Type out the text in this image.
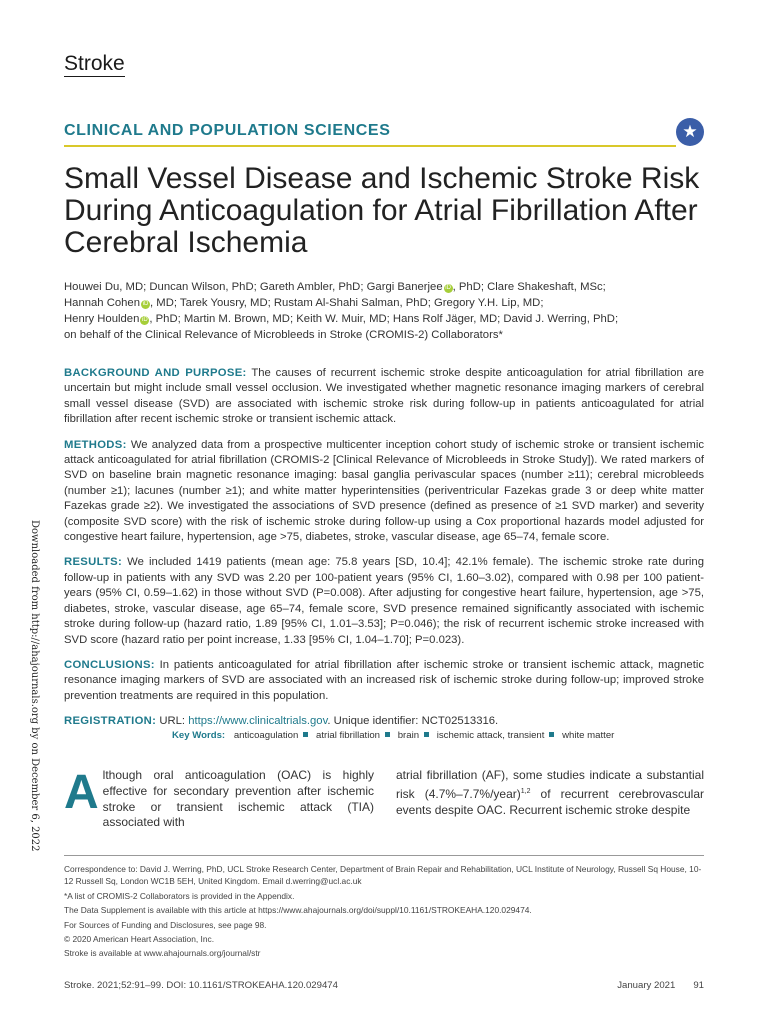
Stroke
CLINICAL AND POPULATION SCIENCES	★
Small Vessel Disease and Ischemic Stroke Risk During Anticoagulation for Atrial Fibrillation After Cerebral Ischemia
Houwei Du, MD; Duncan Wilson, PhD; Gareth Ambler, PhD; Gargi Banerjee iD , PhD; Clare Shakeshaft, MSc;
Hannah Cohen iD , MD; Tarek Yousry, MD; Rustam Al-Shahi Salman, PhD; Gregory Y.H. Lip, MD;
Henry Houlden iD , PhD; Martin M. Brown, MD; Keith W. Muir, MD; Hans Rolf Jäger, MD; David J. Werring, PhD;
on behalf of the Clinical Relevance of Microbleeds in Stroke (CROMIS-2) Collaborators*

BACKGROUND AND PURPOSE: The causes of recurrent ischemic stroke despite anticoagulation for atrial fibrillation are uncertain but might include small vessel occlusion. We investigated whether magnetic resonance imaging markers of cerebral small vessel disease (SVD) are associated with ischemic stroke risk during follow-up in patients anticoagulated for atrial fibrillation after recent ischemic stroke or transient ischemic attack.

METHODS: We analyzed data from a prospective multicenter inception cohort study of ischemic stroke or transient ischemic attack anticoagulated for atrial fibrillation (CROMIS-2 [Clinical Relevance of Microbleeds in Stroke Study]). We rated markers of SVD on baseline brain magnetic resonance imaging: basal ganglia perivascular spaces (number ≥11); cerebral microbleeds (number ≥1); lacunes (number ≥1); and white matter hyperintensities (periventricular Fazekas grade 3 or deep white matter Fazekas grade ≥2). We investigated the associations of SVD presence (defined as presence of ≥1 SVD marker) and severity (composite SVD score) with the risk of ischemic stroke during follow-up using a Cox proportional hazards model adjusted for congestive heart failure, hypertension, age >75, diabetes, stroke, vascular disease, age 65–74, female score.

RESULTS: We included 1419 patients (mean age: 75.8 years [SD, 10.4]; 42.1% female). The ischemic stroke rate during follow-up in patients with any SVD was 2.20 per 100-patient years (95% CI, 1.60–3.02), compared with 0.98 per 100 patient-years (95% CI, 0.59–1.62) in those without SVD (P=0.008). After adjusting for congestive heart failure, hypertension, age >75, diabetes, stroke, vascular disease, age 65–74, female score, SVD presence remained significantly associated with ischemic stroke during follow-up (hazard ratio, 1.89 [95% CI, 1.01–3.53]; P=0.046); the risk of recurrent ischemic stroke increased with SVD score (hazard ratio per point increase, 1.33 [95% CI, 1.04–1.70]; P=0.023).

CONCLUSIONS: In patients anticoagulated for atrial fibrillation after ischemic stroke or transient ischemic attack, magnetic resonance imaging markers of SVD are associated with an increased risk of ischemic stroke during follow-up; improved stroke prevention treatments are required in this population.

REGISTRATION: URL: https://www.clinicaltrials.gov. Unique identifier: NCT02513316.

Key Words: anticoagulation atrial fibrillation brain ischemic attack, transient white matter
Although oral anticoagulation (OAC) is highly effective for secondary prevention after ischemic stroke or transient ischemic attack (TIA) associated with
atrial fibrillation (AF), some studies indicate a substantial risk (4.7%–7.7%/year)$^{1,2}$ of recurrent cerebrovascular events despite OAC. Recurrent ischemic stroke despite
Correspondence to: David J. Werring, PhD, UCL Stroke Research Center, Department of Brain Repair and Rehabilitation, UCL Institute of Neurology, Russell Sq House, 10-12 Russell Sq, London WC1B 5EH, United Kingdom. Email d.werring@ucl.ac.uk
*A list of CROMIS-2 Collaborators is provided in the Appendix.
The Data Supplement is available with this article at https://www.ahajournals.org/doi/suppl/10.1161/STROKEAHA.120.029474.
For Sources of Funding and Disclosures, see page 98.
© 2020 American Heart Association, Inc.
Stroke is available at www.ahajournals.org/journal/str
Stroke. 2021;52:91–99. DOI: 10.1161/STROKEAHA.120.029474	January 2021 91
Downloaded from http://ahajournals.org by on December 6, 2022
